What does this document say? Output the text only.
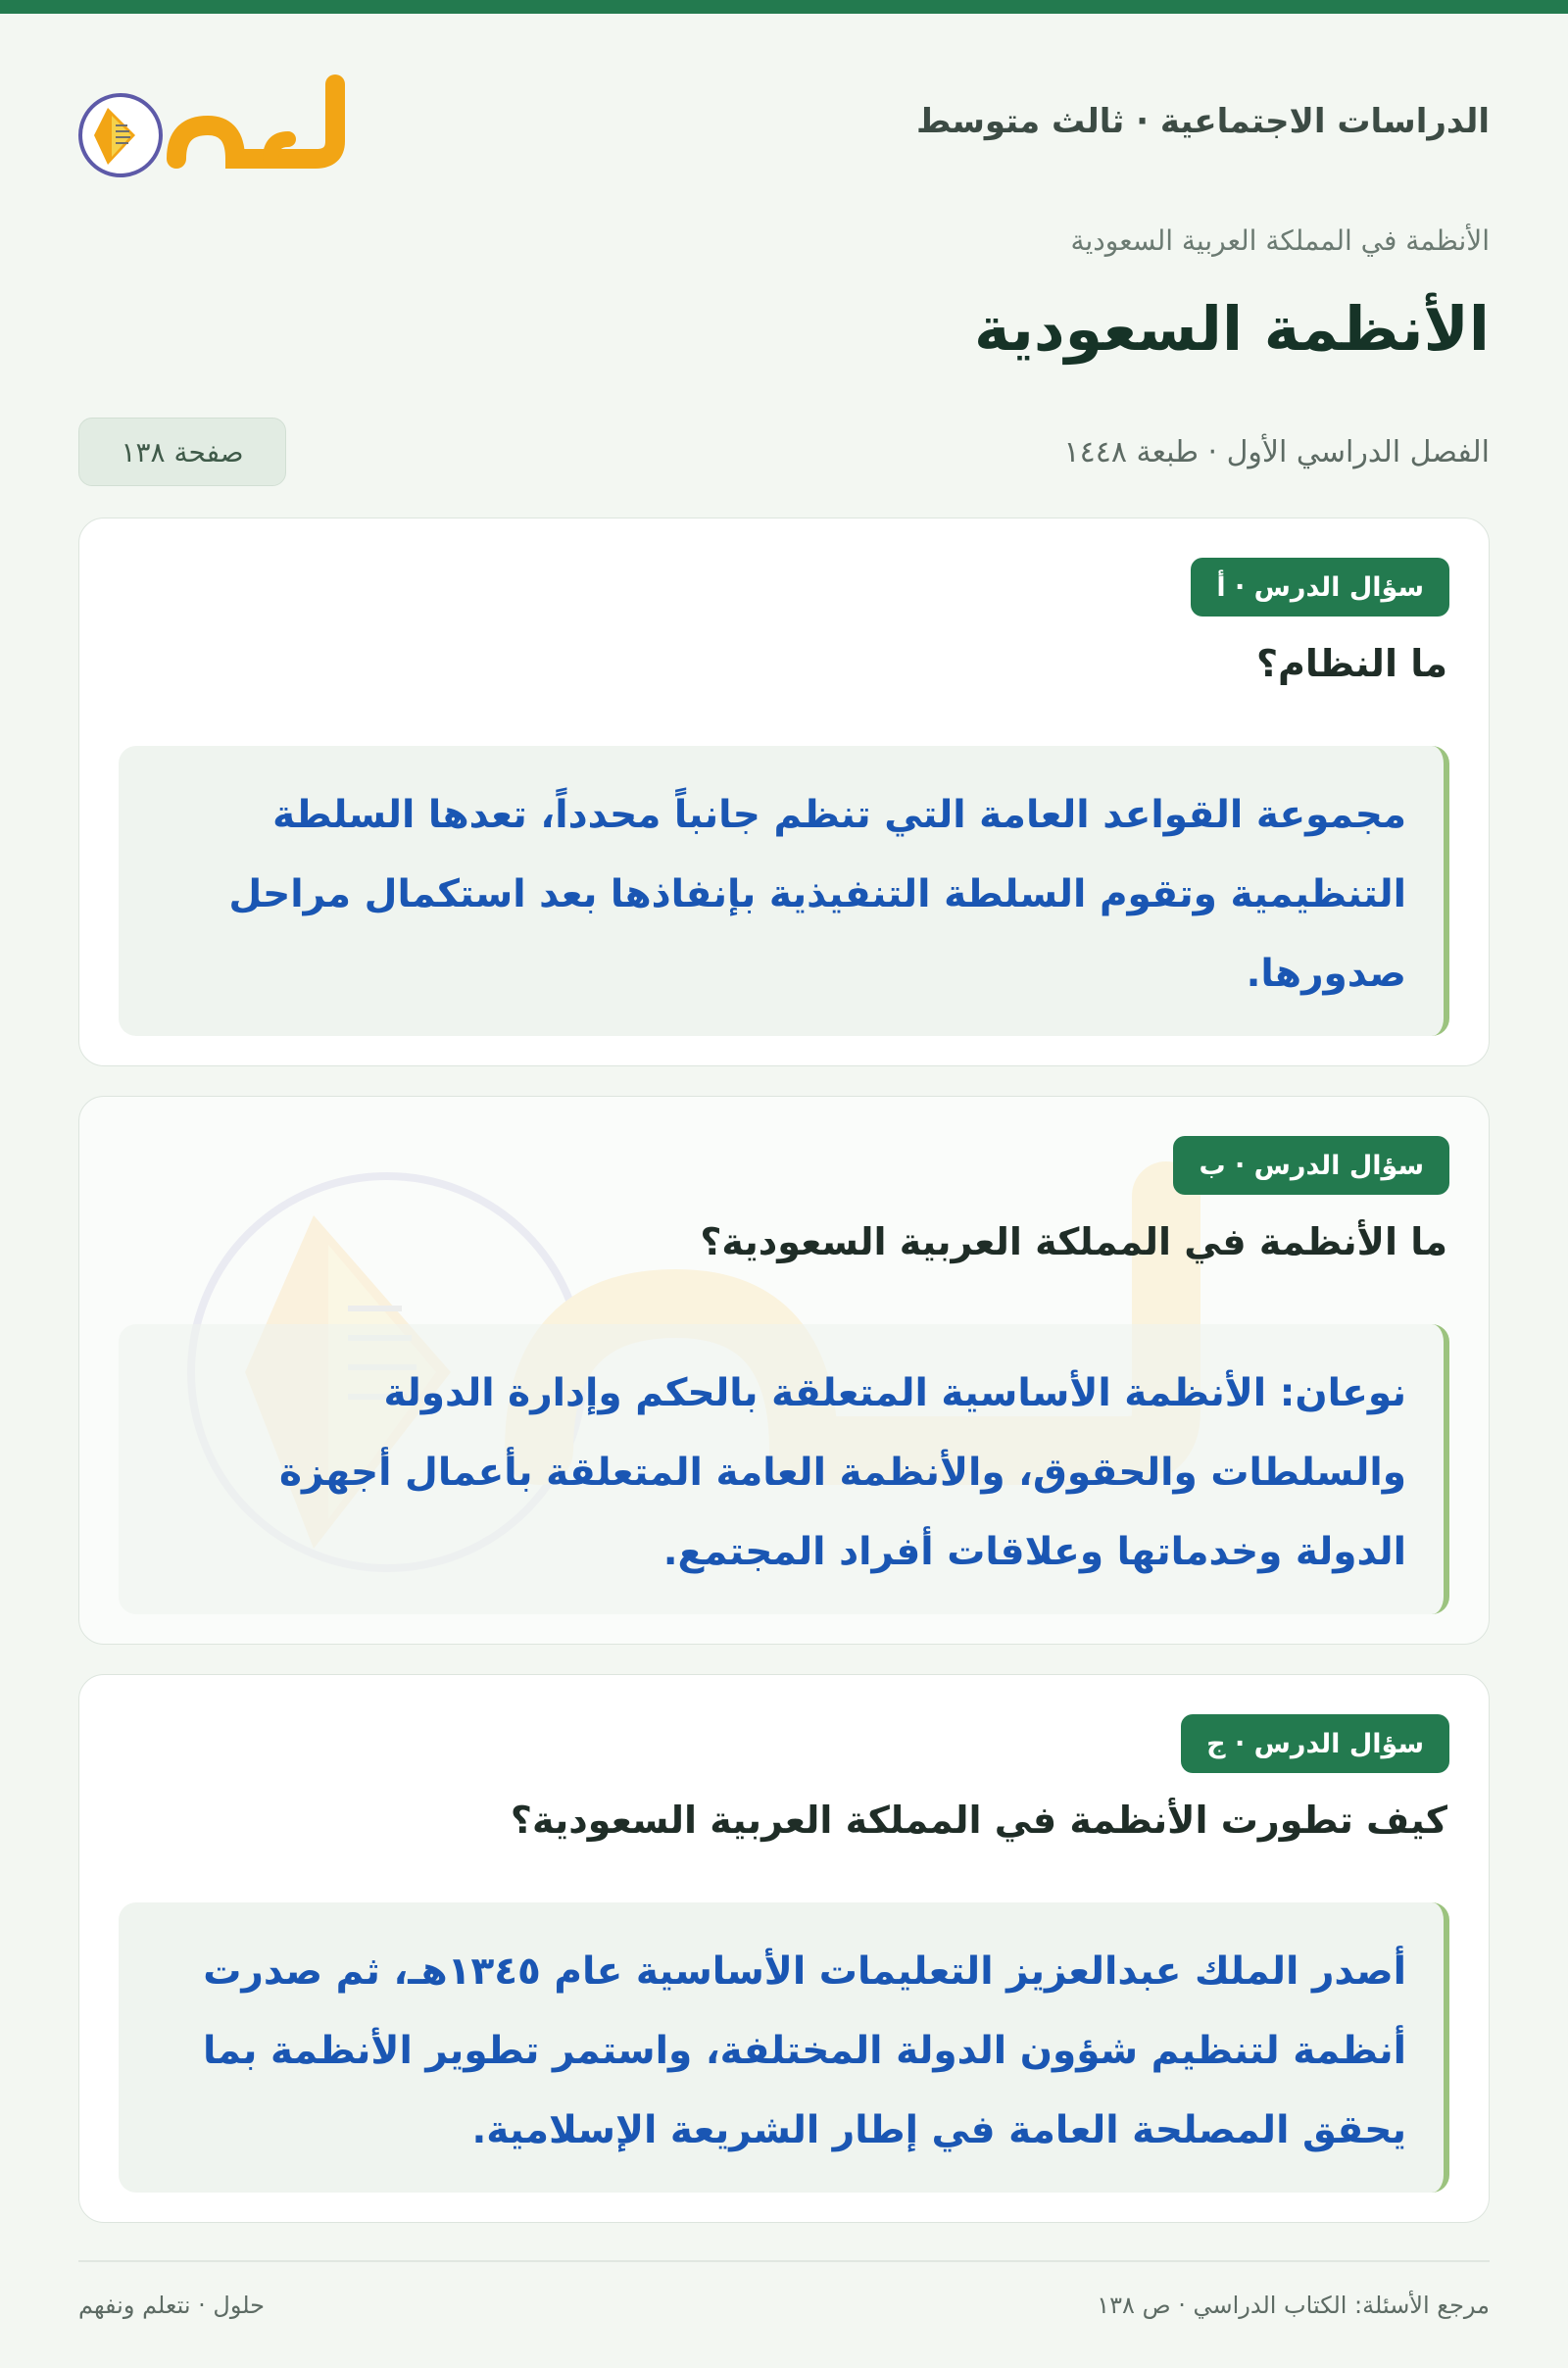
الدراسات الاجتماعية · ثالث متوسط
الأنظمة في المملكة العربية السعودية
الأنظمة السعودية
الفصل الدراسي الأول · طبعة ١٤٤٨
صفحة ١٣٨
سؤال الدرس · أ
ما النظام؟
مجموعة القواعد العامة التي تنظم جانباً محدداً، تعدها السلطة التنظيمية وتقوم السلطة التنفيذية بإنفاذها بعد استكمال مراحل صدورها.
سؤال الدرس · ب
ما الأنظمة في المملكة العربية السعودية؟
نوعان: الأنظمة الأساسية المتعلقة بالحكم وإدارة الدولة والسلطات والحقوق، والأنظمة العامة المتعلقة بأعمال أجهزة الدولة وخدماتها وعلاقات أفراد المجتمع.
سؤال الدرس · ج
كيف تطورت الأنظمة في المملكة العربية السعودية؟
أصدر الملك عبدالعزيز التعليمات الأساسية عام ١٣٤٥هـ، ثم صدرت أنظمة لتنظيم شؤون الدولة المختلفة، واستمر تطوير الأنظمة بما يحقق المصلحة العامة في إطار الشريعة الإسلامية.
مرجع الأسئلة: الكتاب الدراسي · ص ١٣٨
حلول · نتعلم ونفهم
